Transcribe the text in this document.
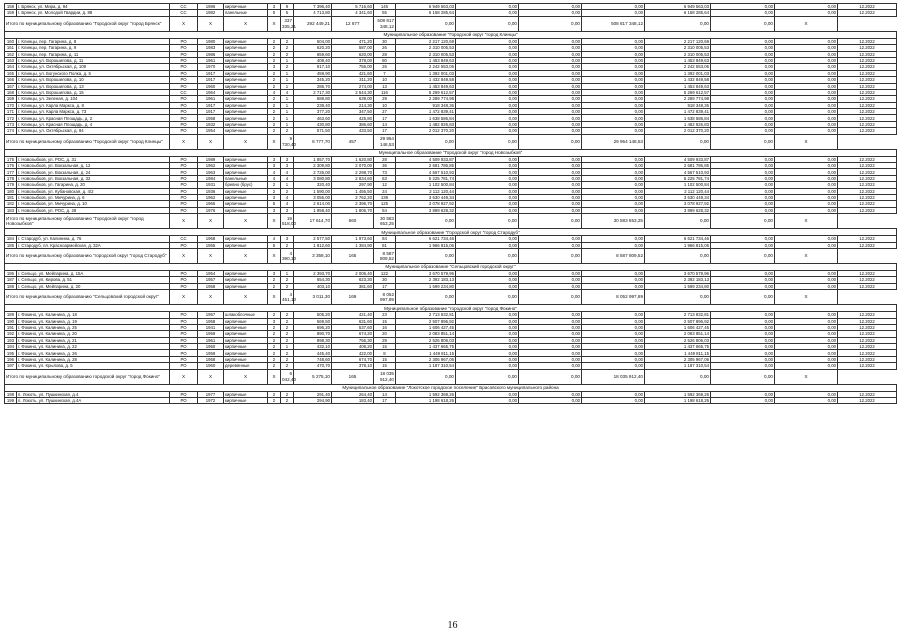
158	г. Брянск, ул. Мира, д. 94	СС	1986	кирпичные	3	9	7 396,40	5 716,60	146	6 949 563,03	0,00	0,00	0,00	6 949 563,03	0,00	0,00	12.2022
159	г. Брянск, ул. Молодой Гвардии, д. 88	СС	1982	панельные	5	6	4 713,80	4 341,60	55	6 158 285,64	0,00	0,00	0,00	6 158 285,64	0,00	0,00	12.2022
Итого по муниципальному образованию "Городской округ "город Брянск"		X	X	X	X	337 335,21	292 449,21	12 677	508 817 348,12	0,00	0,00	0,00	508 817 348,12	0,00	0,00	X	
Муниципальное образование "Городской округ "город Клинцы"																	
160	г. Клинцы, пер. Гагарина, д. 8	РО	1980	кирпичные	2	2	504,00	471,20	30	2 217 120,69	0,00	0,00	0,00	2 217 120,69	0,00	0,00	12.2022
161	г. Клинцы, пер. Гагарина, д. 9	РО	1983	кирпичные	2	2	620,20	587,00	26	2 310 005,53	0,00	0,00	0,00	2 310 005,53	0,00	0,00	12.2022
162	г. Клинцы, пер. Гагарина, д. 11	РО	1986	кирпичные	2	2	659,60	620,00	28	2 310 005,53	0,00	0,00	0,00	2 310 005,53	0,00	0,00	12.2022
163	г. Клинцы, ул. Ворошилова, д. 11	РО	1961	кирпичные	2	1	408,40	378,00	80	1 453 849,63	0,00	0,00	0,00	1 453 849,63	0,00	0,00	12.2022
164	г. Клинцы, ул. Октябрьская, д. 108	РО	1970	кирпичные	3	2	917,10	756,00	26	2 242 553,06	0,00	0,00	0,00	2 242 553,06	0,00	0,00	12.2022
165	г. Клинцы, ул. Богунского Полка, д. 5	РО	1917	кирпичные	2	1	459,90	421,60	7	1 392 001,03	0,00	0,00	0,00	1 392 001,03	0,00	0,00	12.2022
166	г. Клинцы, ул. Ворошилова, д. 10	РО	1917	кирпичные	2	1	345,20	311,20	10	1 432 849,58	0,00	0,00	0,00	1 432 849,58	0,00	0,00	12.2022
167	г. Клинцы, ул. Ворошилова, д. 13	РО	1960	кирпичные	2	1	286,70	274,00	13	1 453 849,63	0,00	0,00	0,00	1 453 849,63	0,00	0,00	12.2022
168	г. Клинцы, ул. Ворошилова, д. 15	СС	1964	кирпичные	4	4	2 717,30	2 544,30	116	5 269 612,57	0,00	0,00	0,00	5 269 612,57	0,00	0,00	12.2022
169	г. Клинцы, ул. Зеленая, д. 104	РО	1961	кирпичные	2	1	688,80	639,00	29	2 289 774,98	0,00	0,00	0,00	2 289 774,98	0,00	0,00	12.2022
170	г. Клинцы, ул. Карла Маркса, д. 8	РО	1917	кирпичные	2	1	239,40	214,30	10	918 348,36	0,00	0,00	0,00	918 348,36	0,00	0,00	12.2022
171	г. Клинцы, ул. Карла Маркса, д. 73	РО	1917	кирпичные	2	1	377,20	347,50	27	1 472 839,41	0,00	0,00	0,00	1 472 839,41	0,00	0,00	12.2022
172	г. Клинцы, ул. Красная Площадь, д. 2	РО	1958	кирпичные	2	1	463,60	425,80	17	1 638 586,84	0,00	0,00	0,00	1 638 586,84	0,00	0,00	12.2022
173	г. Клинцы, ул. Красная Площадь, д. 4	РО	1932	кирпичные	2	1	430,80	386,60	14	1 482 926,83	0,00	0,00	0,00	1 482 926,83	0,00	0,00	12.2022
174	г. Клинцы, ул. Октябрьская, д. 94	РО	1954	кирпичные	2	2	571,50	433,50	17	2 012 370,20	0,00	0,00	0,00	2 012 370,20	0,00	0,00	12.2022
Итого по муниципальному образованию "Городской округ "город Клинцы"		X	X	X	X	9 730,40	8 777,70	457	29 954 148,53	0,00	0,00	0,00	29 954 148,53	0,00	0,00	X	
Муниципальное образование "Городской округ "город Новозыбков"																	
175	г. Новозыбков, ул. РОС, д. 31	РО	1989	кирпичные	3	3	1 857,70	1 620,80	28	4 509 933,87	0,00	0,00	0,00	4 509 933,87	0,00	0,00	12.2022
176	г. Новозыбков, ул. Вокзальная, д. 12	РО	1962	кирпичные	3	3	2 309,80	2 070,00	36	2 681 786,85	0,00	0,00	0,00	2 681 786,85	0,00	0,00	12.2022
177	г. Новозыбков, ул. Вокзальная, д. 24	РО	1963	кирпичные	4	4	2 726,00	2 298,70	73	4 567 510,93	0,00	0,00	0,00	4 567 510,93	0,00	0,00	12.2022
178	г. Новозыбков, ул. Вокзальная, д. 32	РО	1984	панельные	4	4	3 080,80	2 834,60	63	5 225 781,74	0,00	0,00	0,00	5 225 781,74	0,00	0,00	12.2022
179	г. Новозыбков, ул. Гагарина, д. 20	РО	1931	бревно (брус)	2	1	320,40	297,90	12	1 102 500,84	0,00	0,00	0,00	1 102 500,84	0,00	0,00	12.2022
180	г. Новозыбков, ул. Кубановская, д. 4/2	РО	1936	кирпичные	2	2	1 590,00	1 456,50	24	2 112 120,44	0,00	0,00	0,00	2 112 120,44	0,00	0,00	12.2022
181	г. Новозыбков, ул. Мичурина, д. 6	РО	1962	кирпичные	3	4	3 055,00	2 762,20	139	3 630 449,34	0,00	0,00	0,00	3 630 449,34	0,00	0,00	12.2022
182	г. Новозыбков, ул. Мичурина, д. 10	РО	1966	кирпичные	5	4	2 614,00	2 396,70	125	3 078 927,92	0,00	0,00	0,00	3 078 927,92	0,00	0,00	12.2022
183	г. Новозыбков, ул. РОС, д. 28	РО	1976	кирпичные	3	3	1 958,40	1 806,70	54	3 899 628,32	0,00	0,00	0,00	3 899 628,32	0,00	0,00	12.2022
Итого по муниципальному образованию "Городской округ "город Новозыбков"		X	X	X	X	19 518,00	17 614,70	660	30 583 653,25	0,00	0,00	0,00	30 583 653,25	0,00	0,00	X	
Муниципальное образование "Городской округ "город Стародуб"																	
184	г. Стародуб, ул. Калинина, д. 76	СС	1968	кирпичные	4	3	2 577,50	1 973,60	84	6 621 734,46	0,00	0,00	0,00	6 621 734,46	0,00	0,00	12.2022
185	г. Стародуб, пл. Красноармейская, д. 32А	РО	1955	кирпичные	5	2	1 812,60	1 384,90	81	1 966 815,06	0,00	0,00	0,00	1 966 815,06	0,00	0,00	12.2022
Итого по муниципальному образованию "городской округ "город Стародуб"		X	X	X	X	4 390,10	3 358,10	165	8 587 809,52	0,00	0,00	0,00	8 587 809,52	0,00	0,00	X	
Муниципальное образование "Сельцовский городской округ"																	
186	г. Сельцо, ул. Мейпарина, д. 15А	РО	1954	кирпичные	3	1	2 393,70	2 006,40	122	3 670 579,96	0,00	0,00	0,00	3 670 579,96	0,00	0,00	12.2022
187	г. Сельцо, ул. Кирова, д. 51	РО	1957	кирпичные	2	2	654,30	623,30	30	2 392 183,13	0,00	0,00	0,00	2 392 183,13	0,00	0,00	12.2022
188	г. Сельцо, ул. Мейпарина, д. 20	РО	1958	кирпичные	2	2	403,10	381,60	17	1 599 234,80	0,00	0,00	0,00	1 599 234,80	0,00	0,00	12.2022
Итого по муниципальному образованию "Сельцовский городской округ"		X	X	X	X	4 451,10	3 011,30	169	8 052 997,89	0,00	0,00	0,00	8 052 997,89	0,00	0,00	X	
Муниципальное образование "городской округ "город Фокино"																	
189	г. Фокино, ул. Калинина, д. 18	РО	1957	шлакоблочные	2	2	505,20	421,40	23	2 713 832,81	0,00	0,00	0,00	2 713 832,81	0,00	0,00	12.2022
190	г. Фокино, ул. Калинина, д. 19	РО	1958	кирпичные	3	2	569,50	631,60	15	2 507 896,92	0,00	0,00	0,00	2 507 896,92	0,00	0,00	12.2022
191	г. Фокино, ул. Калинина, д. 25	РО	1941	кирпичные	2	2	696,20	537,60	16	1 606 427,45	0,00	0,00	0,00	1 606 427,45	0,00	0,00	12.2022
192	г. Фокино, ул. Калинина, д. 20	РО	1959	кирпичные	2	2	890,70	674,20	20	2 083 851,14	0,00	0,00	0,00	2 083 851,14	0,00	0,00	12.2022
193	г. Фокино, ул. Калинина, д. 21	РО	1961	кирпичные	2	2	898,30	756,30	29	2 526 806,03	0,00	0,00	0,00	2 526 806,03	0,00	0,00	12.2022
194	г. Фокино, ул. Калинина, д. 22	РО	1950	кирпичные	2	1	432,10	408,20	15	1 437 665,75	0,00	0,00	0,00	1 437 665,75	0,00	0,00	12.2022
195	г. Фокино, ул. Калинина, д. 26	РО	1959	кирпичные	2	2	445,40	422,00	8	1 449 811,15	0,00	0,00	0,00	1 449 811,15	0,00	0,00	12.2022
196	г. Фокино, ул. Калинина, д. 28	РО	1958	кирпичные	2	2	748,60	674,70	15	2 305 967,06	0,00	0,00	0,00	2 305 967,06	0,00	0,00	12.2022
197	г. Фокино, ул. Крылова, д. 5	РО	1960	деревянные	2	2	470,70	378,10	15	1 187 310,54	0,00	0,00	0,00	1 187 310,54	0,00	0,00	12.2022
Итого по муниципальному образованию городской округ "город Фокино"		X	X	X	X	6 042,40	5 275,10	165	18 035 912,40	0,00	0,00	0,00	18 035 912,40	0,00	0,00	X	
Муниципальное образование "Локотское городское поселение" Брасовского муниципального района																	
198	п. Локоть, ул. Пушкинская, д.4	РО	1977	кирпичные	2	2	291,40	264,40	14	1 592 369,26	0,00	0,00	0,00	1 592 369,26	0,00	0,00	12.2022
199	п. Локоть, ул. Пушкинская, д.4А	РО	1972	кирпичные	2	2	294,90	183,40	17	1 198 618,26	0,00	0,00	0,00	1 198 618,26	0,00	0,00	12.2022
16
